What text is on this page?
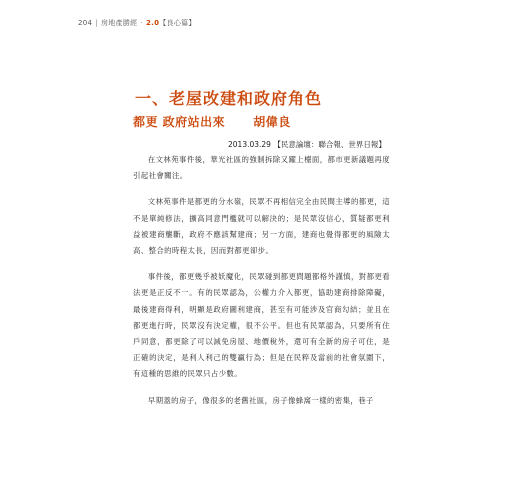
204 | 房地產勝經 · 2.0【良心篇】
一、老屋改建和政府角色
都更 政府站出來 胡偉良
2013.03.29 【民意論壇：聯合報、世界日報】

在文林苑事件後，華光社區的強制拆除又躍上檯面，都市更新議題再度引起社會關注。

文林苑事件是都更的分水嶺，民眾不再相信完全由民間主導的都更，這不是單純修法，擴高同意門檻就可以解決的；是民眾沒信心，質疑都更利益被建商壟斷，政府不應該幫建商；另一方面，建商也覺得都更的風險太高、整合的時程太長，因而對都更卻步。

事件後，都更幾乎被妖魔化，民眾碰到都更問題都格外謹慎，對都更看法更是正反不一。有的民眾認為，公權力介入都更，協助建商排除障礙，最後建商得利，明顯是政府圖利建商，甚至有可能涉及官商勾結；並且在都更進行時，民眾沒有決定權，很不公平。但也有民眾認為，只要所有住戶同意，都更除了可以減免房屋、地價稅外，還可有全新的房子可住，是正確的決定，是利人利己的雙贏行為；但是在民粹及當前的社會氛圍下，有這種的思維的民眾只占少數。

早期蓋的房子，像很多的老舊社區，房子像蜂窩一樣的密集，巷子
